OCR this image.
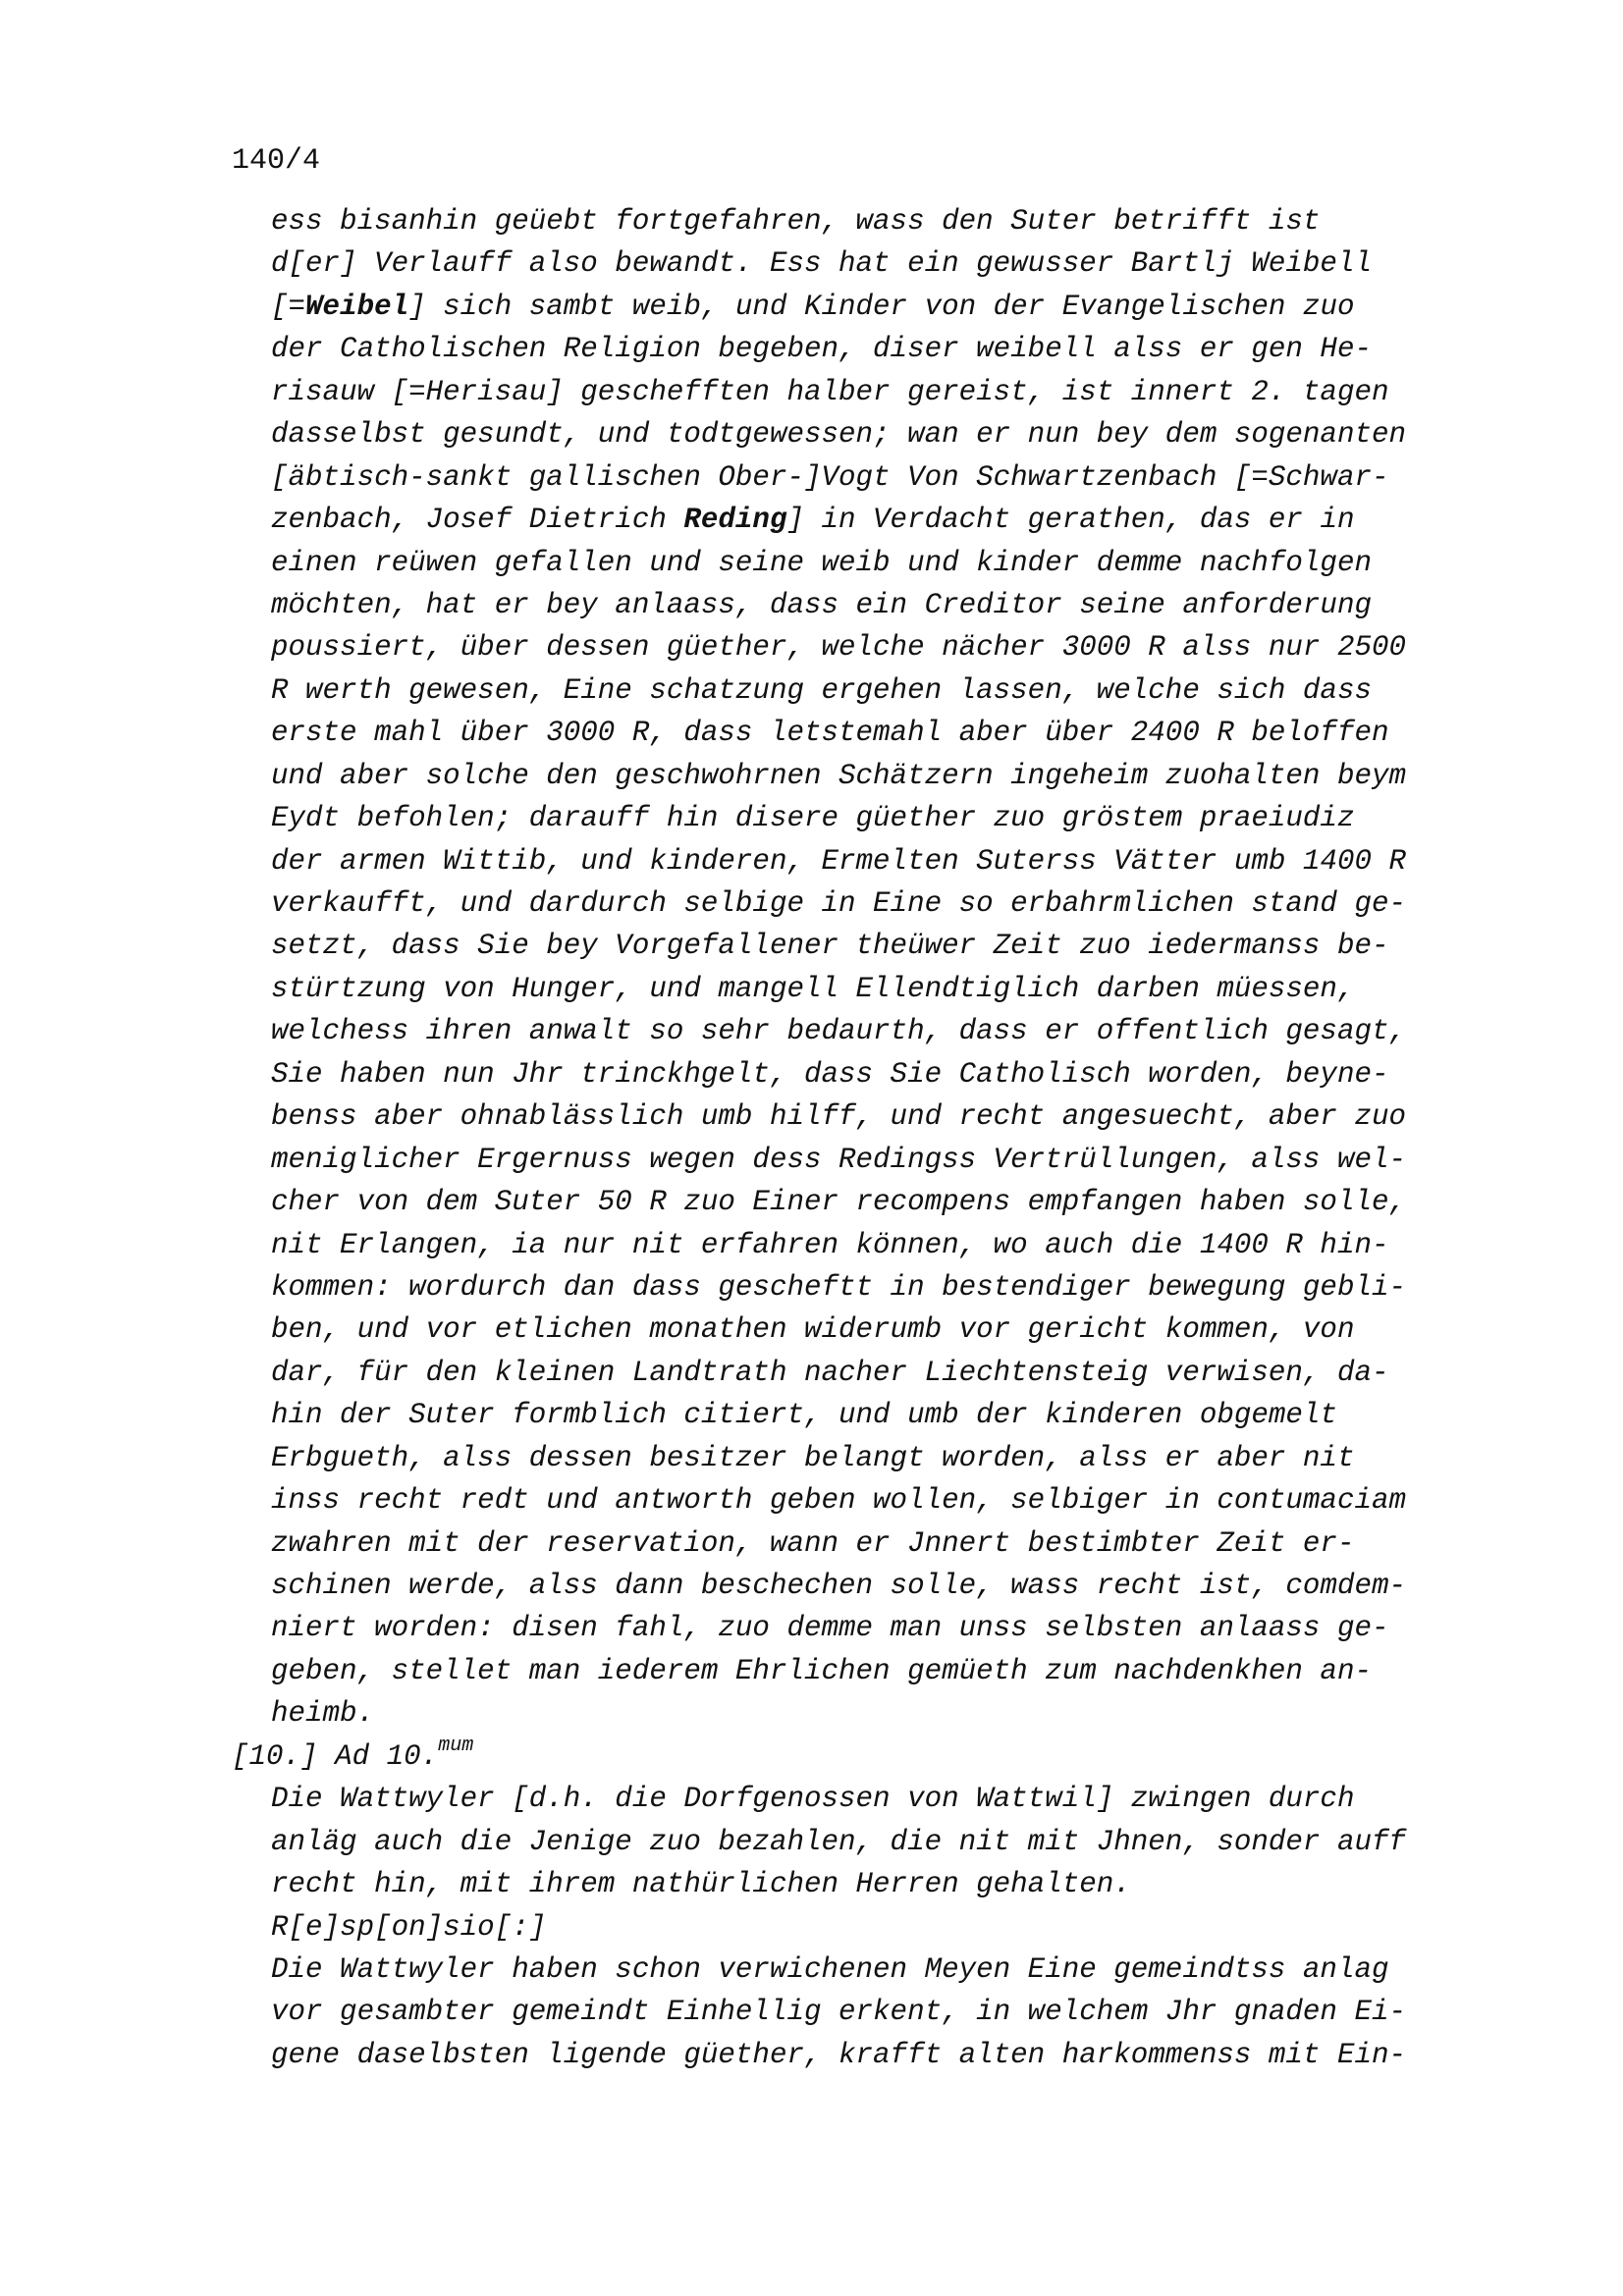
140/4
ess bisanhin geüebt fortgefahren, wass den Suter betrifft ist
d[er] Verlauff also bewandt. Ess hat ein gewusser Bartlj Weibell
[=Weibel] sich sambt weib, und Kinder von der Evangelischen zuo
der Catholischen Religion begeben, diser weibell alss er gen He-
risauw [=Herisau] geschefften halber gereist, ist innert 2. tagen
dasselbst gesundt, und todtgewessen; wan er nun bey dem sogenanten
[äbtisch-sankt gallischen Ober-]Vogt Von Schwartzenbach [=Schwar-
zenbach, Josef Dietrich Reding] in Verdacht gerathen, das er in
einen reüwen gefallen und seine weib und kinder demme nachfolgen
möchten, hat er bey anlaass, dass ein Creditor seine anforderung
poussiert, über dessen güether, welche nächer 3000 R alss nur 2500
R werth gewesen, Eine schatzung ergehen lassen, welche sich dass
erste mahl über 3000 R, dass letstemahl aber über 2400 R beloffen
und aber solche den geschwohrnen Schätzern ingeheim zuohalten beym
Eydt befohlen; darauff hin disere güether zuo gröstem praeiudiz
der armen Wittib, und kinderen, Ermelten Suterss Vätter umb 1400 R
verkaufft, und dardurch selbige in Eine so erbahrmlichen stand ge-
setzt, dass Sie bey Vorgefallener theüwer Zeit zuo iedermanss be-
stürtzung von Hunger, und mangell Ellendtiglich darben müessen,
welchess ihren anwalt so sehr bedaurth, dass er offentlich gesagt,
Sie haben nun Jhr trinckhgelt, dass Sie Catholisch worden, beyne-
benss aber ohnablässlich umb hilff, und recht angesuecht, aber zuo
meniglicher Ergernuss wegen dess Redingss Vertrüllungen, alss wel-
cher von dem Suter 50 R zuo Einer recompens empfangen haben solle,
nit Erlangen, ia nur nit erfahren können, wo auch die 1400 R hin-
kommen: wordurch dan dass gescheftt in bestendiger bewegung gebli-
ben, und vor etlichen monathen widerumb vor gericht kommen, von
dar, für den kleinen Landtrath nacher Liechtensteig verwisen, da-
hin der Suter formblich citiert, und umb der kinderen obgemelt
Erbgueth, alss dessen besitzer belangt worden, alss er aber nit
inss recht redt und antworth geben wollen, selbiger in contumaciam
zwahren mit der reservation, wann er Jnnert bestimbter Zeit er-
schinen werde, alss dann beschechen solle, wass recht ist, comdem-
niert worden: disen fahl, zuo demme man unss selbsten anlaass ge-
geben, stellet man iederem Ehrlichen gemüeth zum nachdenkhen an-
heimb.
[10.] Ad 10.$^{mum}$
Die Wattwyler [d.h. die Dorfgenossen von Wattwil] zwingen durch
anläg auch die Jenige zuo bezahlen, die nit mit Jhnen, sonder auff
recht hin, mit ihrem nathürlichen Herren gehalten.
R[e]sp[on]sio[:]
Die Wattwyler haben schon verwichenen Meyen Eine gemeindtss anlag
vor gesambter gemeindt Einhellig erkent, in welchem Jhr gnaden Ei-
gene daselbsten ligende güether, krafft alten harkommenss mit Ein-
